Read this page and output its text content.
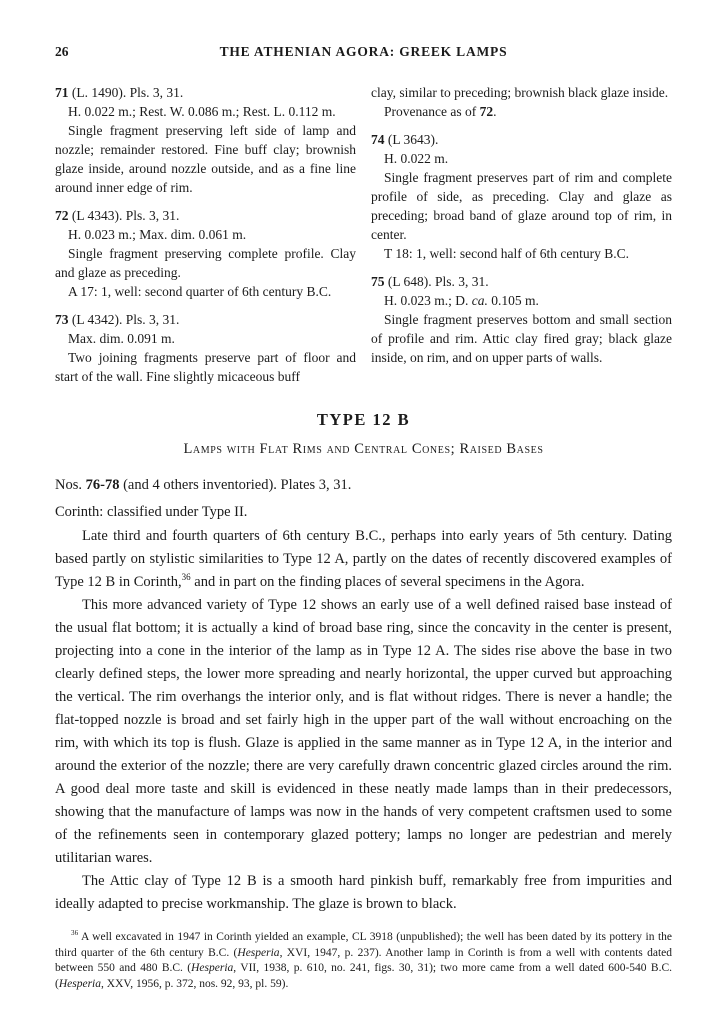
26	THE ATHENIAN AGORA: GREEK LAMPS

71 (L. 1490). Pls. 3, 31.

H. 0.022 m.; Rest. W. 0.086 m.; Rest. L. 0.112 m.

Single fragment preserving left side of lamp and nozzle; remainder restored. Fine buff clay; brownish glaze inside, around nozzle outside, and as a fine line around inner edge of rim.

72 (L 4343). Pls. 3, 31.

H. 0.023 m.; Max. dim. 0.061 m.

Single fragment preserving complete profile. Clay and glaze as preceding.

A 17: 1, well: second quarter of 6th century B.C.

73 (L 4342). Pls. 3, 31.

Max. dim. 0.091 m.

Two joining fragments preserve part of floor and start of the wall. Fine slightly micaceous buff

clay, similar to preceding; brownish black glaze inside.

Provenance as of 72.

74 (L 3643).

H. 0.022 m.

Single fragment preserves part of rim and complete profile of side, as preceding. Clay and glaze as preceding; broad band of glaze around top of rim, in center.

T 18: 1, well: second half of 6th century B.C.

75 (L 648). Pls. 3, 31.

H. 0.023 m.; D. ca. 0.105 m.

Single fragment preserves bottom and small section of profile and rim. Attic clay fired gray; black glaze inside, on rim, and on upper parts of walls.

TYPE 12 B
Lamps with Flat Rims and Central Cones; Raised Bases

Nos. 76-78 (and 4 others inventoried). Plates 3, 31.

Corinth: classified under Type II.

Late third and fourth quarters of 6th century B.C., perhaps into early years of 5th century. Dating based partly on stylistic similarities to Type 12 A, partly on the dates of recently discovered examples of Type 12 B in Corinth,$^{36}$ and in part on the finding places of several specimens in the Agora.

This more advanced variety of Type 12 shows an early use of a well defined raised base instead of the usual flat bottom; it is actually a kind of broad base ring, since the concavity in the center is present, projecting into a cone in the interior of the lamp as in Type 12 A. The sides rise above the base in two clearly defined steps, the lower more spreading and nearly horizontal, the upper curved but approaching the vertical. The rim overhangs the interior only, and is flat without ridges. There is never a handle; the flat-topped nozzle is broad and set fairly high in the upper part of the wall without encroaching on the rim, with which its top is flush. Glaze is applied in the same manner as in Type 12 A, in the interior and around the exterior of the nozzle; there are very carefully drawn concentric glazed circles around the rim. A good deal more taste and skill is evidenced in these neatly made lamps than in their predecessors, showing that the manufacture of lamps was now in the hands of very competent craftsmen used to some of the refinements seen in contemporary glazed pottery; lamps no longer are pedestrian and merely utilitarian wares.

The Attic clay of Type 12 B is a smooth hard pinkish buff, remarkably free from impurities and ideally adapted to precise workmanship. The glaze is brown to black.

$^{36}$ A well excavated in 1947 in Corinth yielded an example, CL 3918 (unpublished); the well has been dated by its pottery in the third quarter of the 6th century B.C. (Hesperia, XVI, 1947, p. 237). Another lamp in Corinth is from a well with contents dated between 550 and 480 B.C. (Hesperia, VII, 1938, p. 610, no. 241, figs. 30, 31); two more came from a well dated 600-540 B.C. (Hesperia, XXV, 1956, p. 372, nos. 92, 93, pl. 59).
